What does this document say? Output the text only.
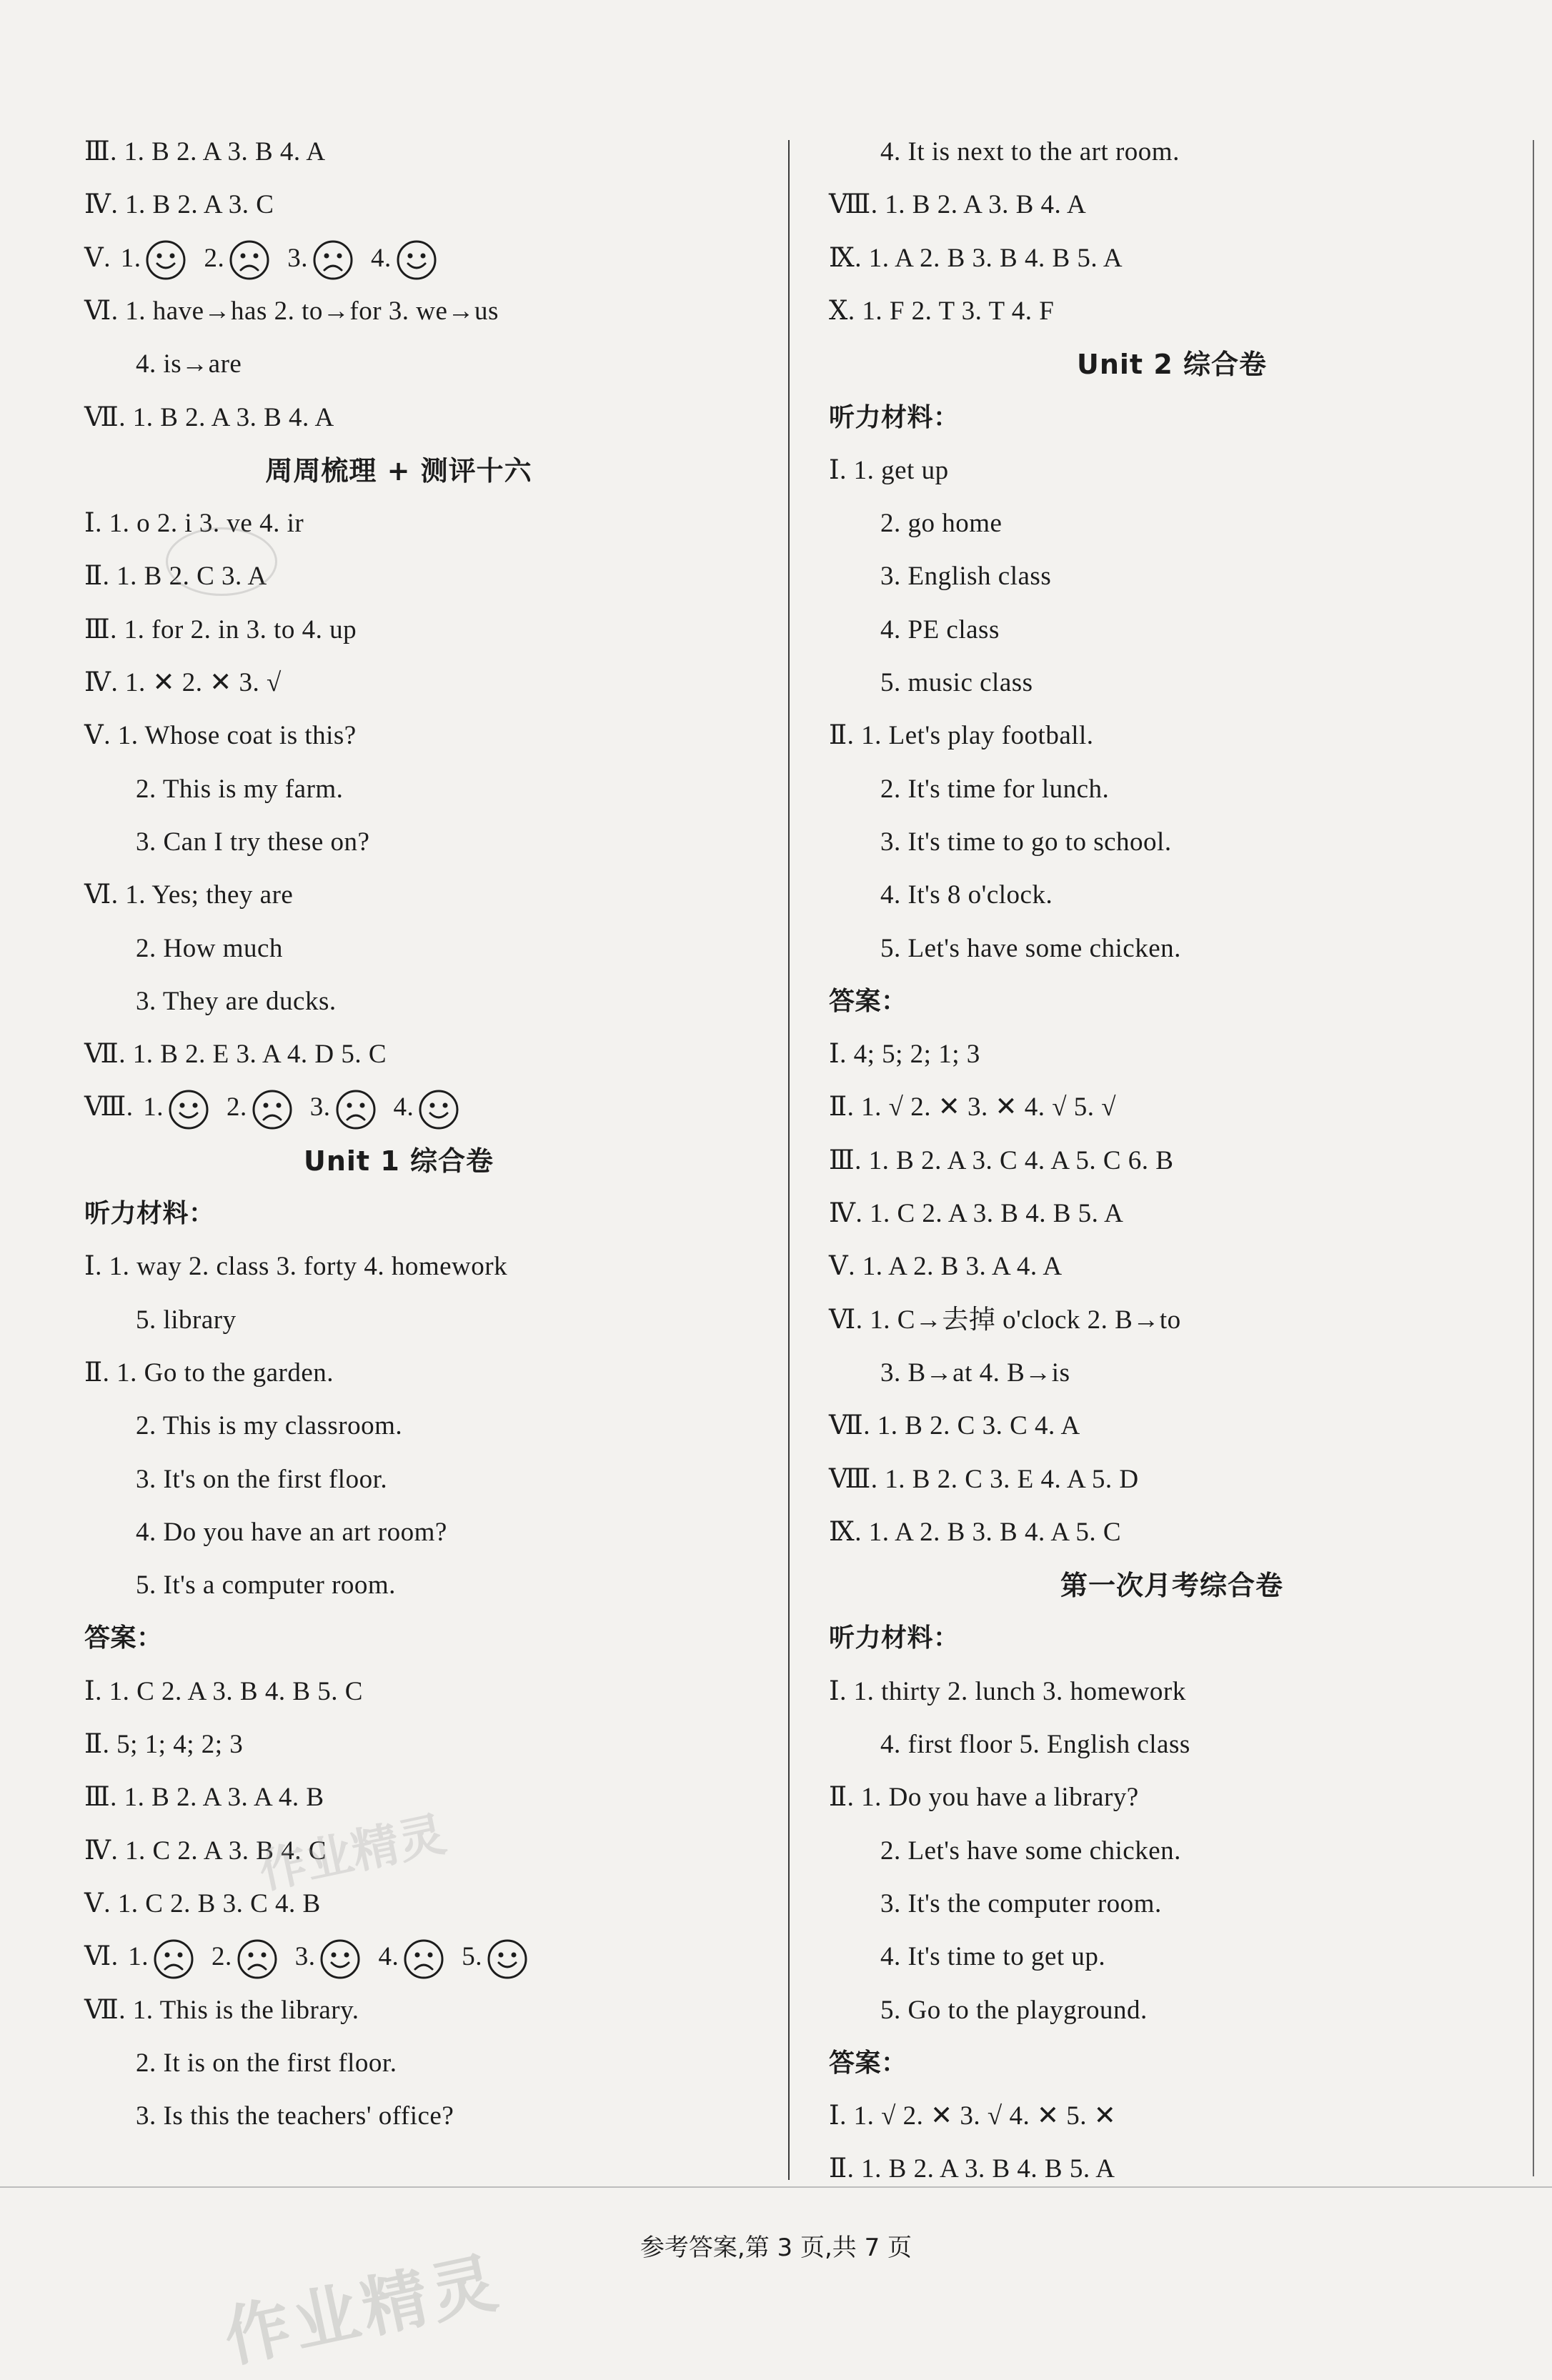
Ⅲ. 1. B 2. A 3. B 4. A
Ⅳ. 1. B 2. A 3. C
Ⅴ. 1. 2. 3. 4.
Ⅵ. 1. have→has 2. to→for 3. we→us
4. is→are
Ⅶ. 1. B 2. A 3. B 4. A
周周梳理 + 测评十六
Ⅰ. 1. o 2. i 3. ve 4. ir
Ⅱ. 1. B 2. C 3. A
Ⅲ. 1. for 2. in 3. to 4. up
Ⅳ. 1. ✕ 2. ✕ 3. √
Ⅴ. 1. Whose coat is this?
2. This is my farm.
3. Can I try these on?
Ⅵ. 1. Yes; they are
2. How much
3. They are ducks.
Ⅶ. 1. B 2. E 3. A 4. D 5. C
Ⅷ. 1. 2. 3. 4.
Unit 1 综合卷
听力材料：
Ⅰ. 1. way 2. class 3. forty 4. homework
5. library
Ⅱ. 1. Go to the garden.
2. This is my classroom.
3. It's on the first floor.
4. Do you have an art room?
5. It's a computer room.
答案：
Ⅰ. 1. C 2. A 3. B 4. B 5. C
Ⅱ. 5; 1; 4; 2; 3
Ⅲ. 1. B 2. A 3. A 4. B
Ⅳ. 1. C 2. A 3. B 4. C
Ⅴ. 1. C 2. B 3. C 4. B
Ⅵ. 1. 2. 3. 4. 5.
Ⅶ. 1. This is the library.
2. It is on the first floor.
3. Is this the teachers' office?
4. It is next to the art room.
Ⅷ. 1. B 2. A 3. B 4. A
Ⅸ. 1. A 2. B 3. B 4. B 5. A
Ⅹ. 1. F 2. T 3. T 4. F
Unit 2 综合卷
听力材料：
Ⅰ. 1. get up
2. go home
3. English class
4. PE class
5. music class
Ⅱ. 1. Let's play football.
2. It's time for lunch.
3. It's time to go to school.
4. It's 8 o'clock.
5. Let's have some chicken.
答案：
Ⅰ. 4; 5; 2; 1; 3
Ⅱ. 1. √ 2. ✕ 3. ✕ 4. √ 5. √
Ⅲ. 1. B 2. A 3. C 4. A 5. C 6. B
Ⅳ. 1. C 2. A 3. B 4. B 5. A
Ⅴ. 1. A 2. B 3. A 4. A
Ⅵ. 1. C→去掉 o'clock 2. B→to
3. B→at 4. B→is
Ⅶ. 1. B 2. C 3. C 4. A
Ⅷ. 1. B 2. C 3. E 4. A 5. D
Ⅸ. 1. A 2. B 3. B 4. A 5. C
第一次月考综合卷
听力材料：
Ⅰ. 1. thirty 2. lunch 3. homework
4. first floor 5. English class
Ⅱ. 1. Do you have a library?
2. Let's have some chicken.
3. It's the computer room.
4. It's time to get up.
5. Go to the playground.
答案：
Ⅰ. 1. √ 2. ✕ 3. √ 4. ✕ 5. ✕
Ⅱ. 1. B 2. A 3. B 4. B 5. A
参考答案,第 3 页,共 7 页
作业精灵
作业精灵
